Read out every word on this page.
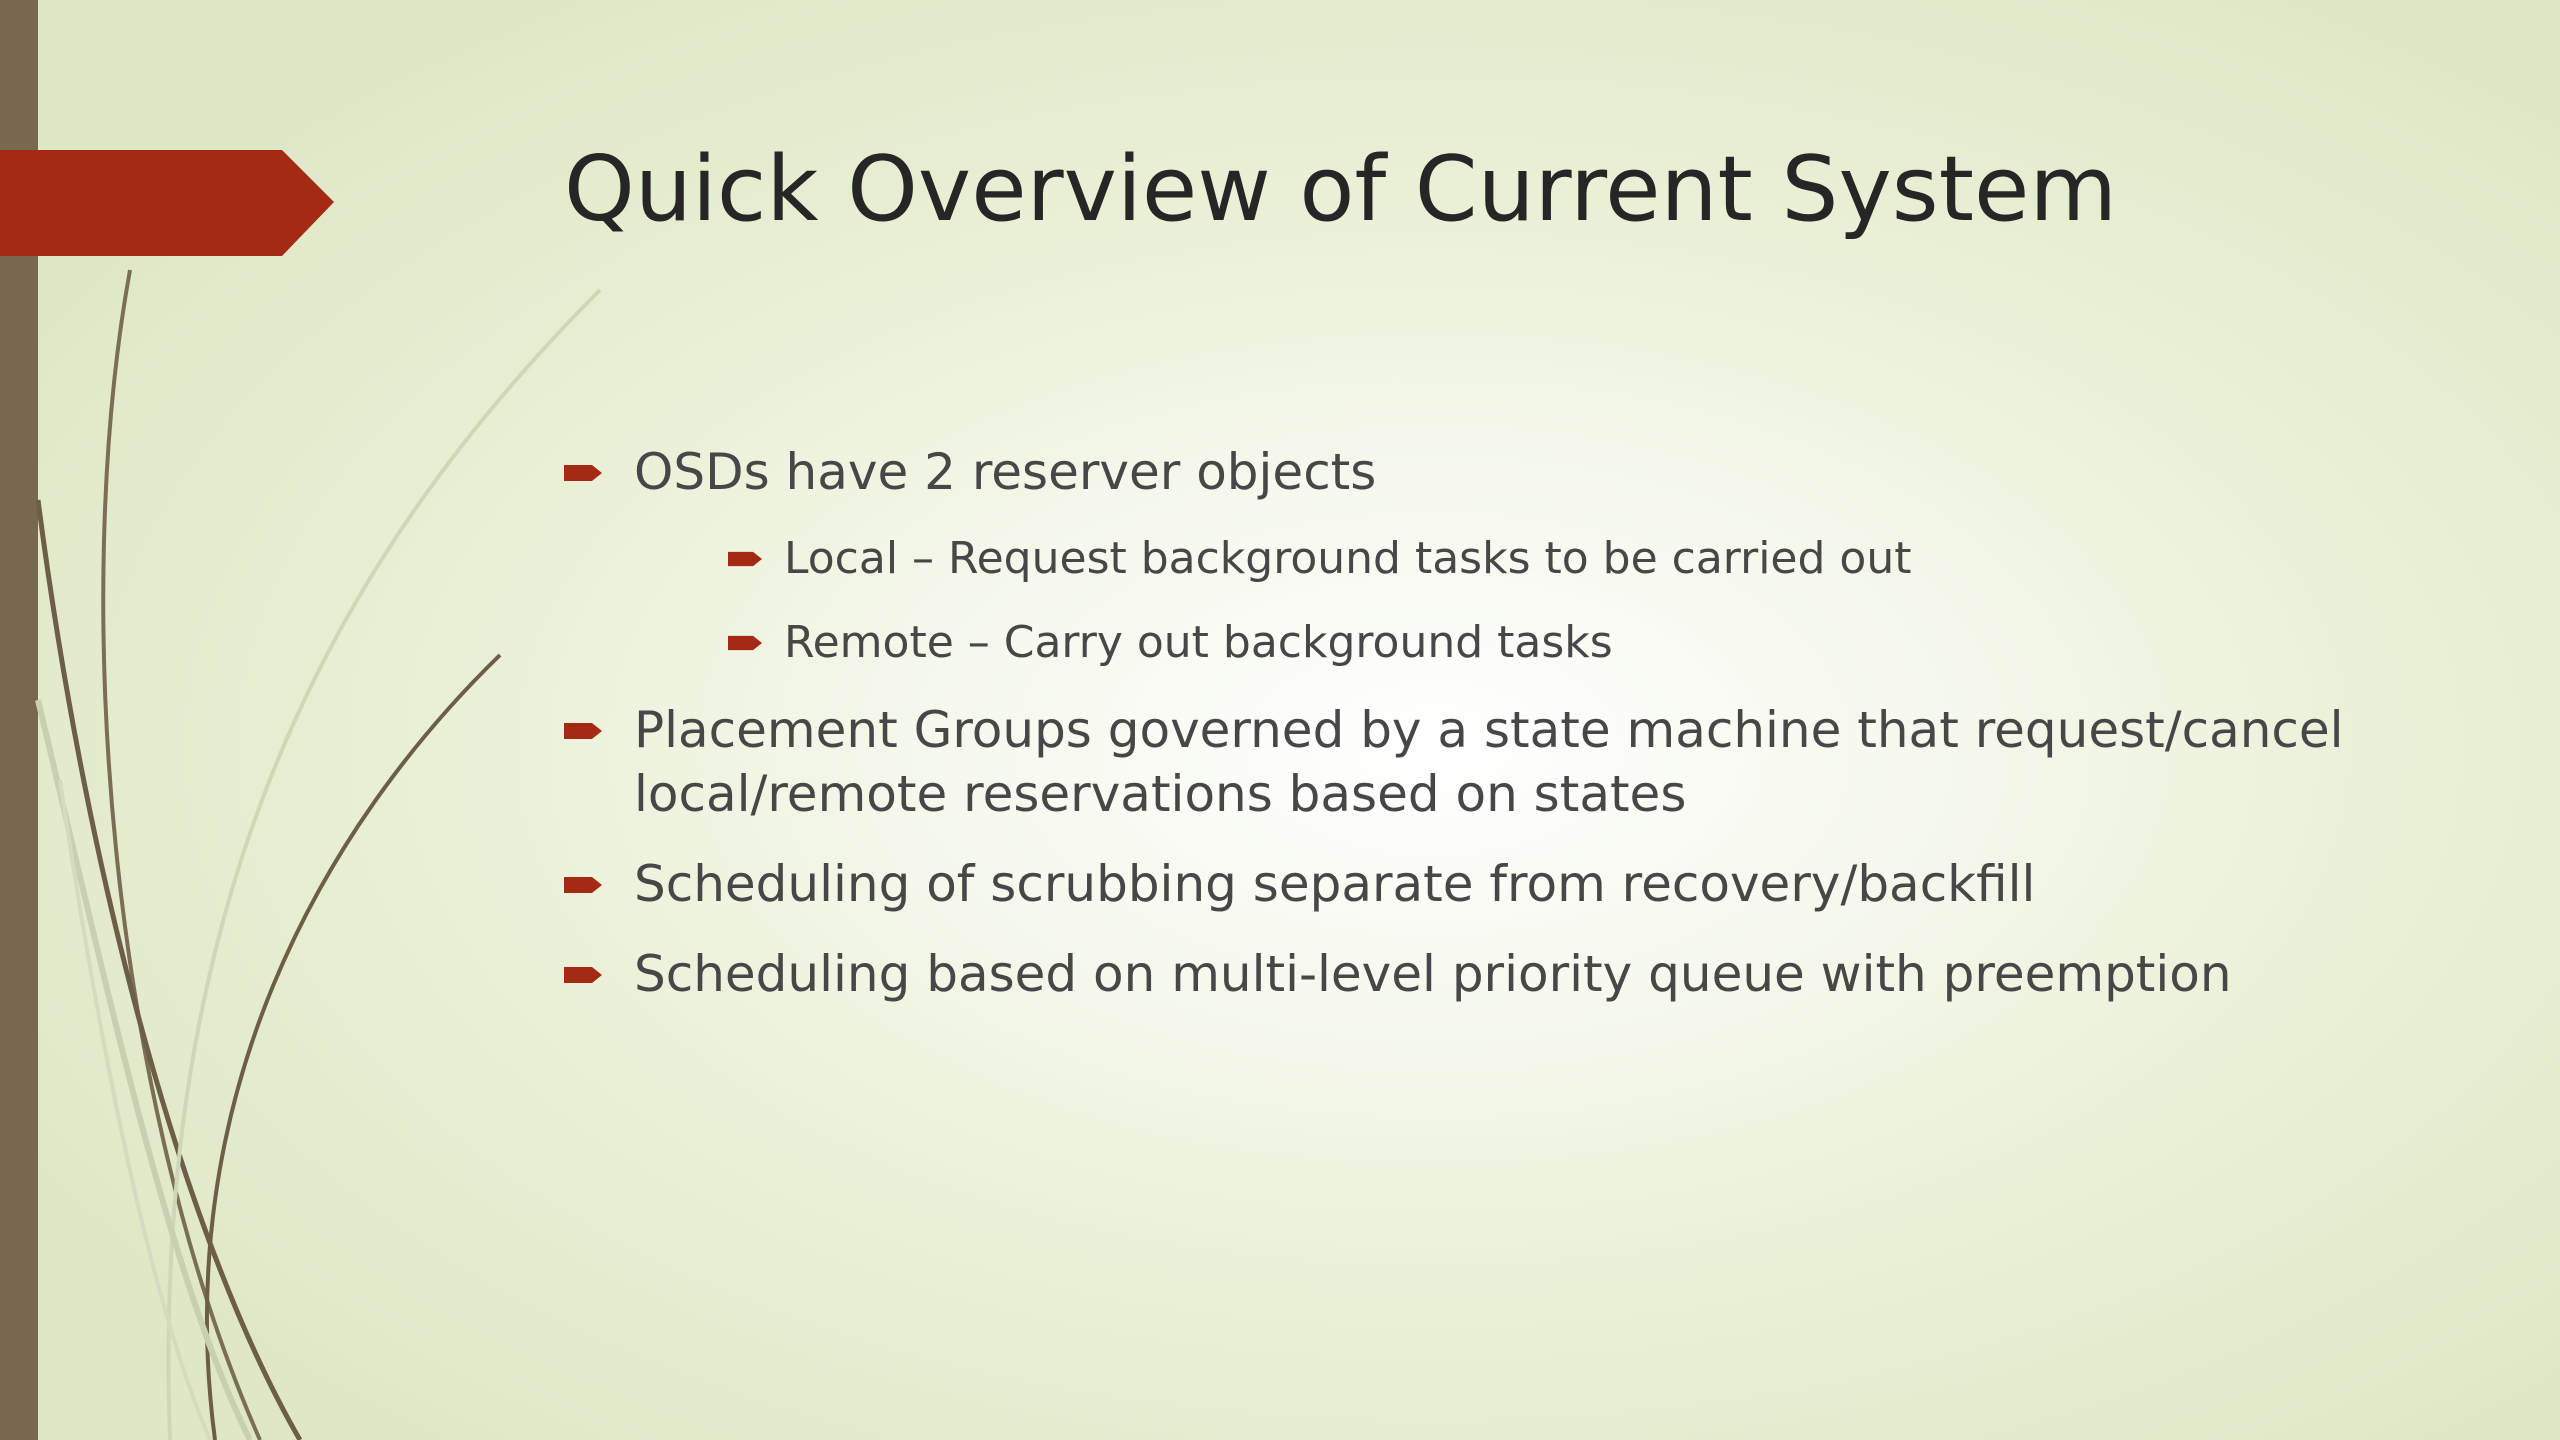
Quick Overview of Current System
OSDs have 2 reserver objects
Local – Request background tasks to be carried out
Remote – Carry out background tasks
Placement Groups governed by a state machine that request/cancel local/remote reservations based on states
Scheduling of scrubbing separate from recovery/backfill
Scheduling based on multi-level priority queue with preemption
